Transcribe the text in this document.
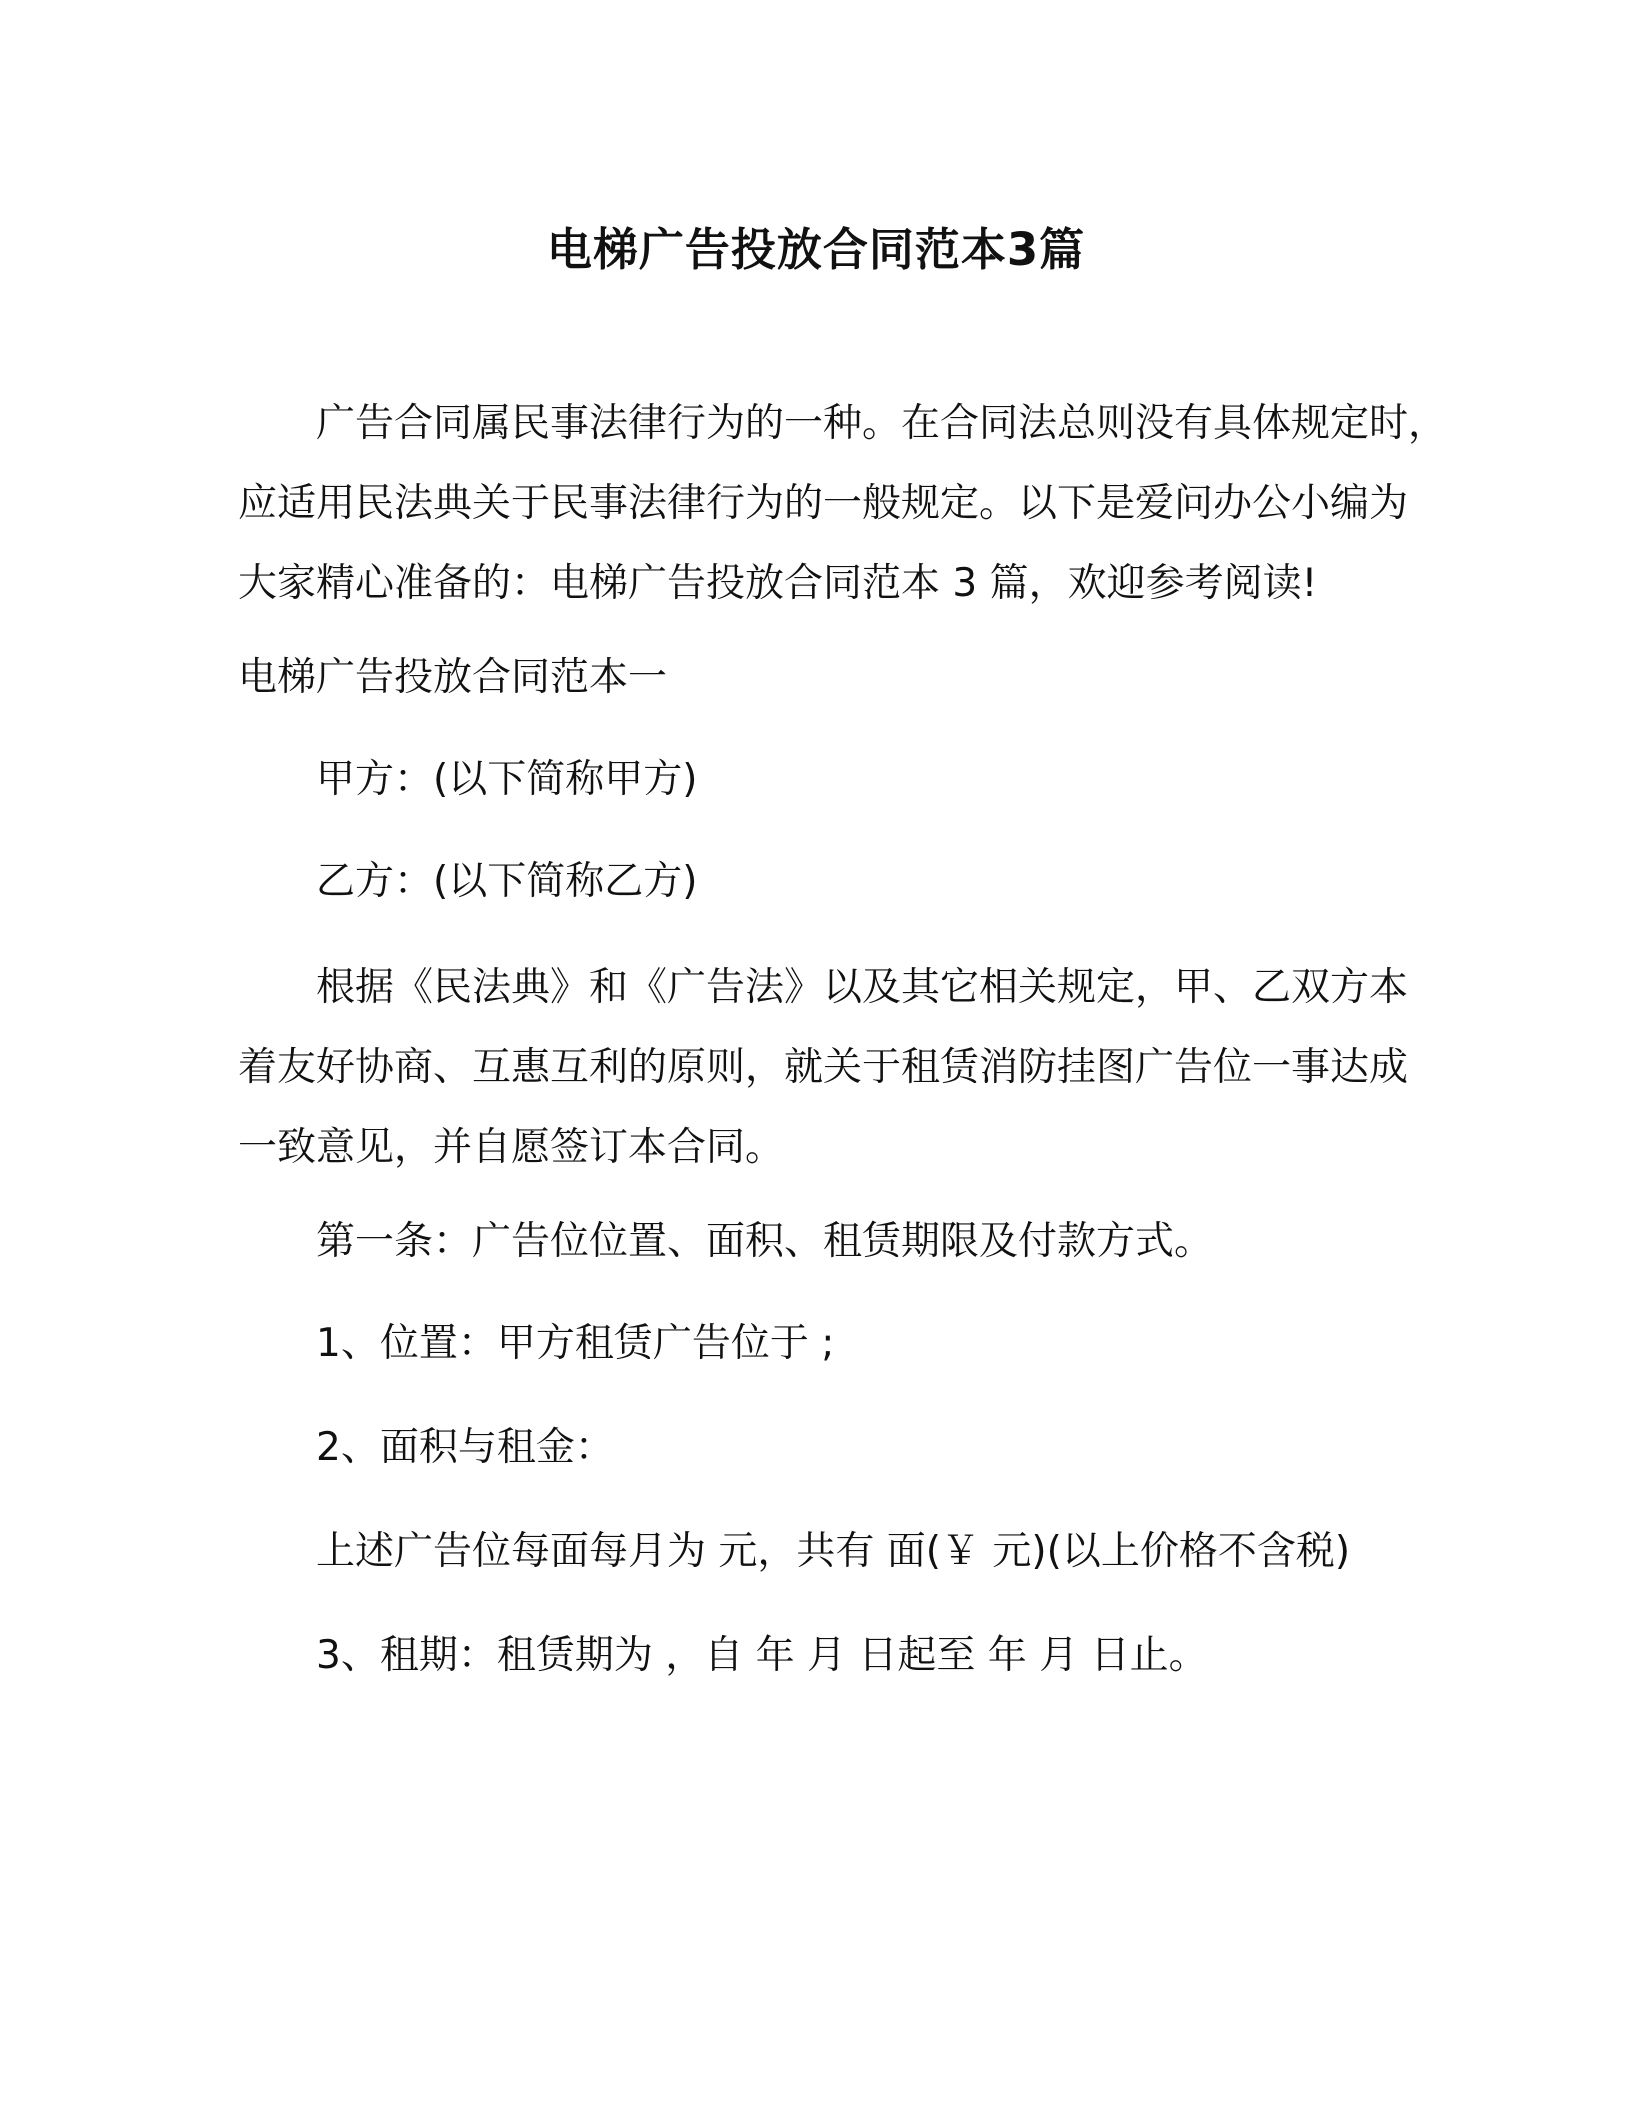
电梯广告投放合同范本3篇
广告合同属民事法律行为的一种。在合同法总则没有具体规定时，
应适用民法典关于民事法律行为的一般规定。以下是爱问办公小编为
大家精心准备的：电梯广告投放合同范本 3 篇，欢迎参考阅读!
电梯广告投放合同范本一
甲方：(以下简称甲方)
乙方：(以下简称乙方)
根据《民法典》和《广告法》以及其它相关规定，甲、乙双方本
着友好协商、互惠互利的原则，就关于租赁消防挂图广告位一事达成
一致意见，并自愿签订本合同。
第一条：广告位位置、面积、租赁期限及付款方式。
1、位置：甲方租赁广告位于 ;
2、面积与租金：
上述广告位每面每月为 元，共有 面(￥ 元)(以上价格不含税)
3、租期：租赁期为 ，自 年 月 日起至 年 月 日止。
